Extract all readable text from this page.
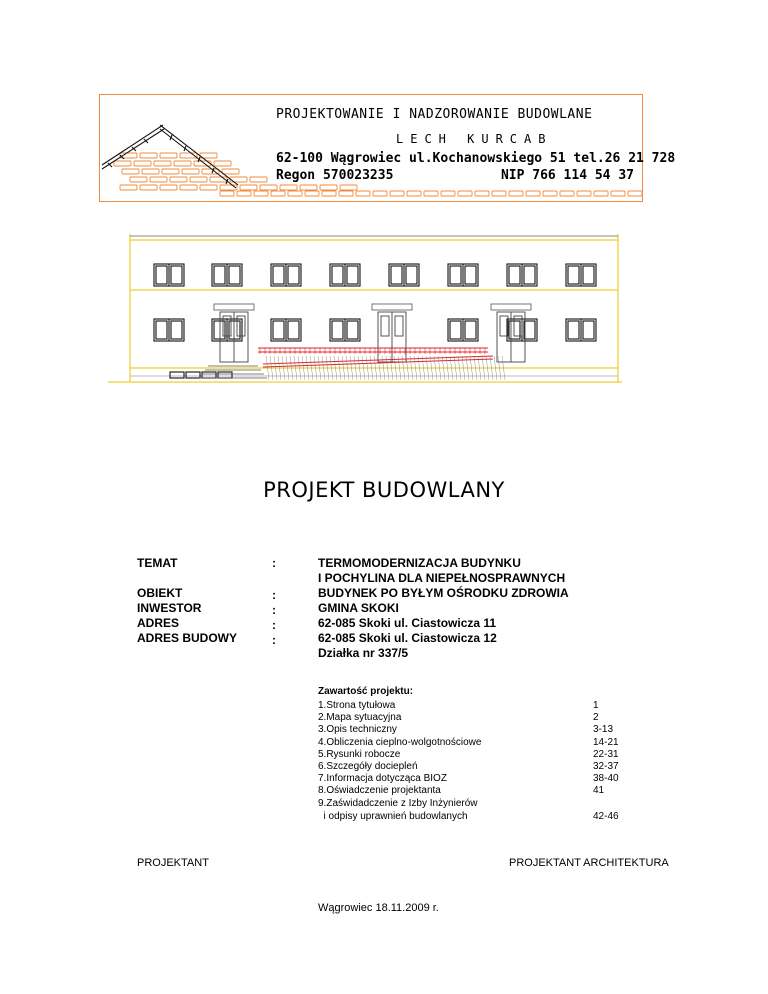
PROJEKTOWANIE I NADZOROWANIE BUDOWLANE
LECH KURCAB
62-100 Wągrowiec ul.Kochanowskiego 51 tel.26 21 728
Regon 570023235	NIP 766 114 54 37
PROJEKT BUDOWLANY
TEMAT	:	TERMOMODERNIZACJA BUDYNKU
I POCHYLINA DLA NIEPEŁNOSPRAWNYCH
OBIEKT	:	BUDYNEK PO BYŁYM OŚRODKU ZDROWIA
INWESTOR	:	GMINA SKOKI
ADRES	:	62-085 Skoki ul. Ciastowicza 11
ADRES BUDOWY	:	62-085 Skoki ul. Ciastowicza 12
Działka nr 337/5
Zawartość projektu:
1.Strona tytułowa	1
2.Mapa sytuacyjna	2
3.Opis techniczny	3-13
4.Obliczenia cieplno-wolgotnościowe	14-21
5.Rysunki robocze	22-31
6.Szczegóły dociepleń	32-37
7.Informacja dotycząca BIOZ	38-40
8.Oświadczenie projektanta	41
9.Zaświdadczenie z Izby Inżynierów
i odpisy uprawnień budowlanych	42-46
PROJEKTANT	PROJEKTANT ARCHITEKTURA
Wągrowiec 18.11.2009 r.
